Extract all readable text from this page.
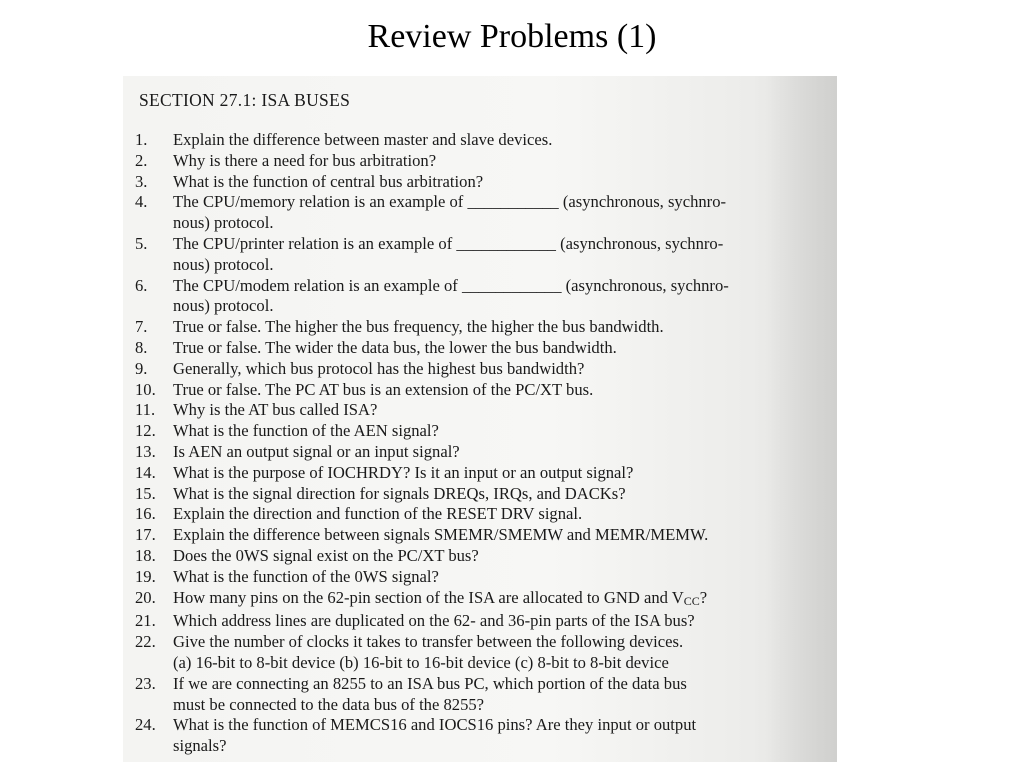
Review Problems (1)
SECTION 27.1: ISA BUSES
1.	Explain the difference between master and slave devices.
2.	Why is there a need for bus arbitration?
3.	What is the function of central bus arbitration?
4.	The CPU/memory relation is an example of ___________ (asynchronous, sychnro-
nous) protocol.
5.	The CPU/printer relation is an example of ____________ (asynchronous, sychnro-
nous) protocol.
6.	The CPU/modem relation is an example of ____________ (asynchronous, sychnro-
nous) protocol.
7.	True or false. The higher the bus frequency, the higher the bus bandwidth.
8.	True or false. The wider the data bus, the lower the bus bandwidth.
9.	Generally, which bus protocol has the highest bus bandwidth?
10.	True or false. The PC AT bus is an extension of the PC/XT bus.
11.	Why is the AT bus called ISA?
12.	What is the function of the AEN signal?
13.	Is AEN an output signal or an input signal?
14.	What is the purpose of IOCHRDY? Is it an input or an output signal?
15.	What is the signal direction for signals DREQs, IRQs, and DACKs?
16.	Explain the direction and function of the RESET DRV signal.
17.	Explain the difference between signals SMEMR/SMEMW and MEMR/MEMW.
18.	Does the 0WS signal exist on the PC/XT bus?
19.	What is the function of the 0WS signal?
20.	How many pins on the 62-pin section of the ISA are allocated to GND and VCC?
21.	Which address lines are duplicated on the 62- and 36-pin parts of the ISA bus?
22.	Give the number of clocks it takes to transfer between the following devices.
(a) 16-bit to 8-bit device (b) 16-bit to 16-bit device (c) 8-bit to 8-bit device
23.	If we are connecting an 8255 to an ISA bus PC, which portion of the data bus
must be connected to the data bus of the 8255?
24.	What is the function of MEMCS16 and IOCS16 pins? Are they input or output
signals?
